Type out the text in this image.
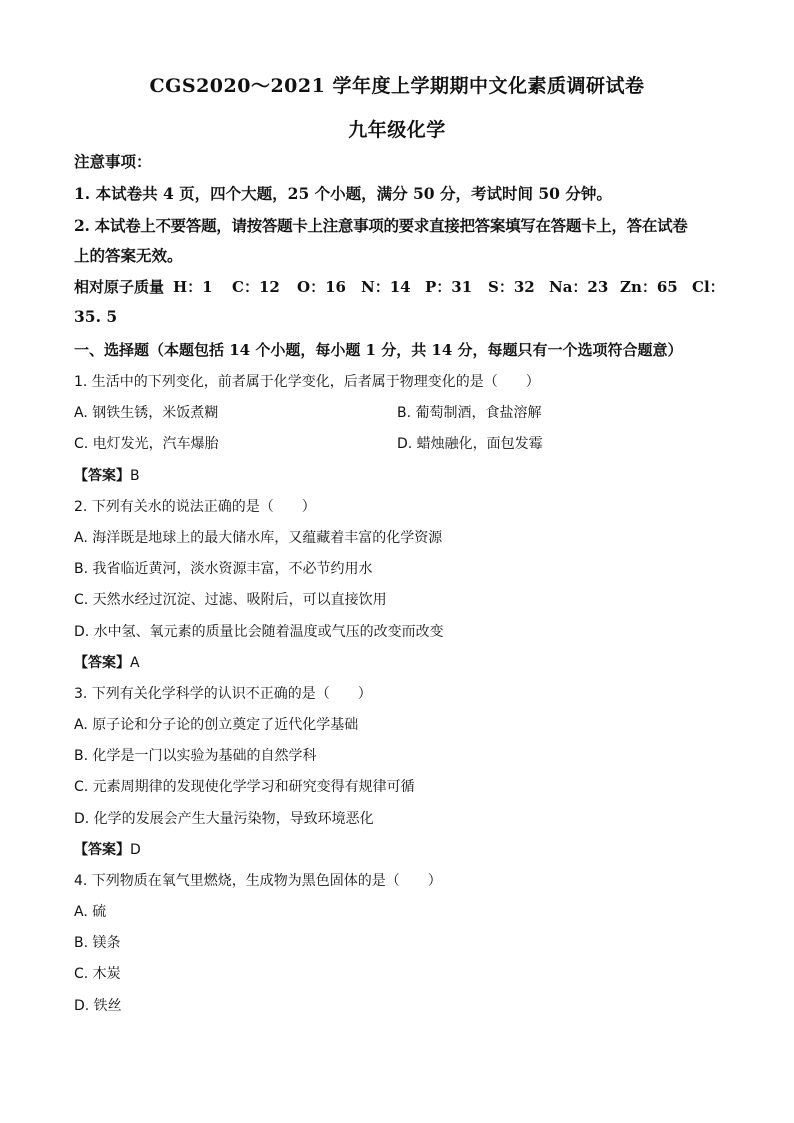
CGS2020～2021 学年度上学期期中文化素质调研试卷
九年级化学
注意事项：
1. 本试卷共 4 页，四个大题，25 个小题，满分 50 分，考试时间 50 分钟。
2. 本试卷上不要答题，请按答题卡上注意事项的要求直接把答案填写在答题卡上，答在试卷
上的答案无效。
相对原子质量 H：1 C：12 O：16 N：14 P：31 S：32 Na：23 Zn：65 Cl：
35. 5
一、选择题（本题包括 14 个小题，每小题 1 分，共 14 分，每题只有一个选项符合题意）
1. 生活中的下列变化，前者属于化学变化，后者属于物理变化的是（　　）
A. 钢铁生锈，米饭煮糊	B. 葡萄制酒，食盐溶解
C. 电灯发光，汽车爆胎	D. 蜡烛融化，面包发霉
【答案】B
2. 下列有关水的说法正确的是（　　）
A. 海洋既是地球上的最大储水库，又蕴藏着丰富的化学资源
B. 我省临近黄河，淡水资源丰富，不必节约用水
C. 天然水经过沉淀、过滤、吸附后，可以直接饮用
D. 水中氢、氧元素的质量比会随着温度或气压的改变而改变
【答案】A
3. 下列有关化学科学的认识不正确的是（　　）
A. 原子论和分子论的创立奠定了近代化学基础
B. 化学是一门以实验为基础的自然学科
C. 元素周期律的发现使化学学习和研究变得有规律可循
D. 化学的发展会产生大量污染物，导致环境恶化
【答案】D
4. 下列物质在氧气里燃烧，生成物为黑色固体的是（　　）
A. 硫
B. 镁条
C. 木炭
D. 铁丝
